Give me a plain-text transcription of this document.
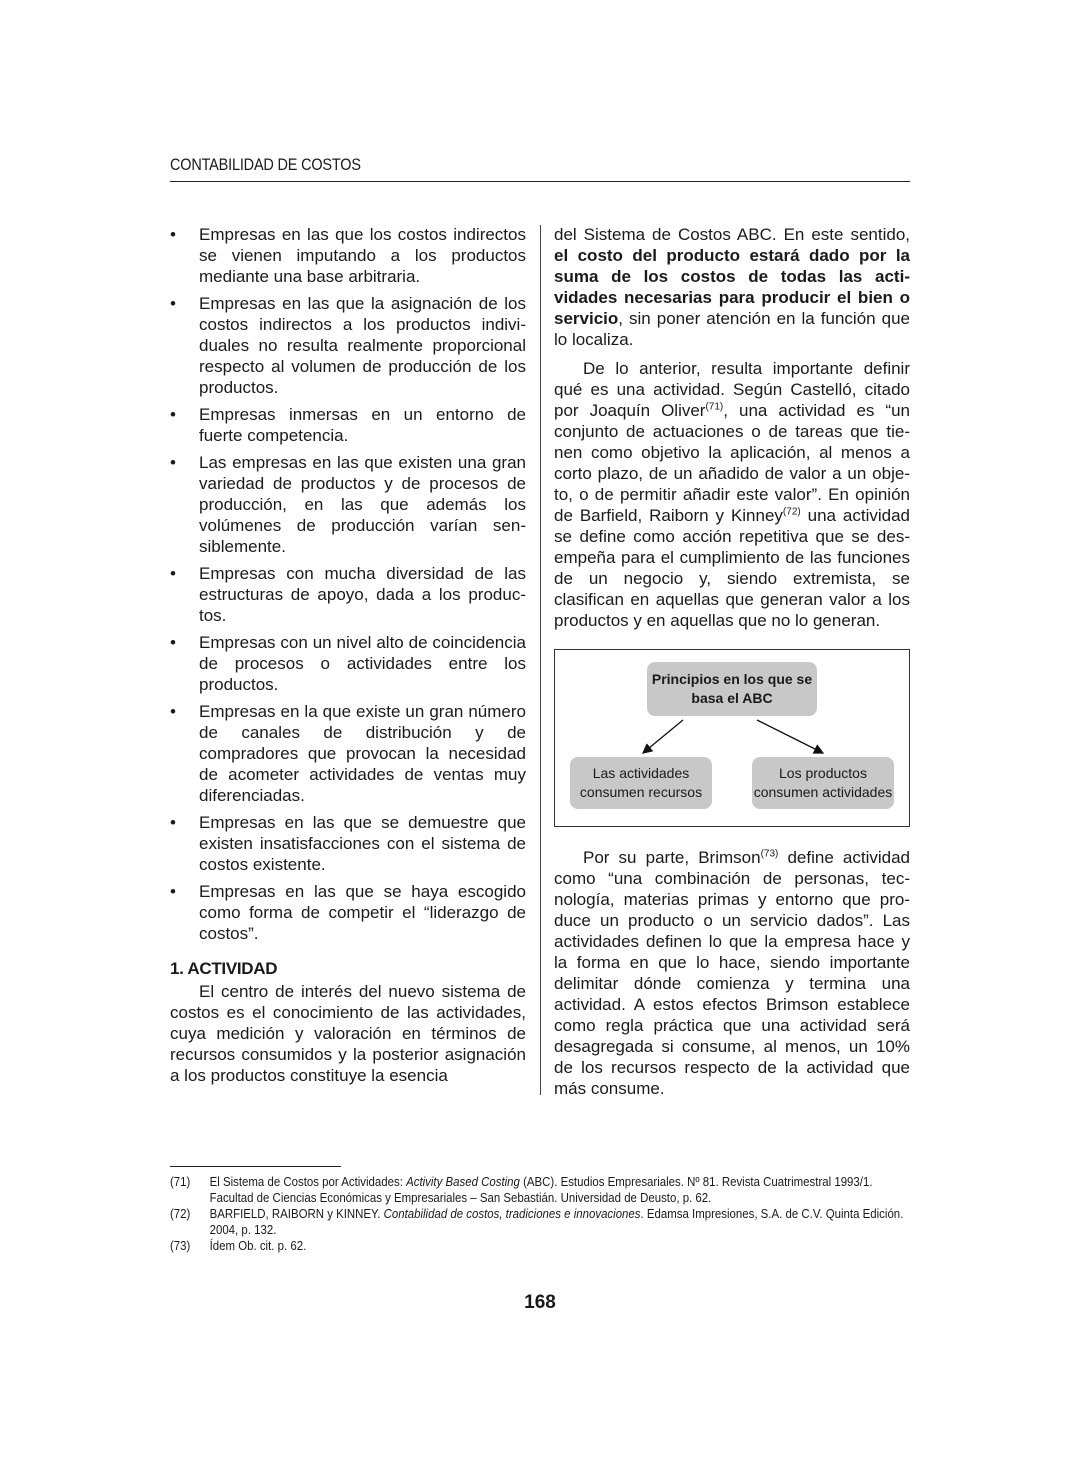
CONTABILIDAD DE COSTOS
• Empresas en las que los costos indirectos se vienen imputando a los productos mediante una base arbitraria.
• Empresas en las que la asignación de los costos indirectos a los productos individuales no resulta realmente proporcional respecto al volumen de producción de los productos.
• Empresas inmersas en un entorno de fuerte competencia.
• Las empresas en las que existen una gran variedad de productos y de procesos de producción, en las que además los volúmenes de producción varían sensiblemente.
• Empresas con mucha diversidad de las estructuras de apoyo, dada a los productos.
• Empresas con un nivel alto de coincidencia de procesos o actividades entre los productos.
• Empresas en la que existe un gran número de canales de distribución y de compradores que provocan la necesidad de acometer actividades de ventas muy diferenciadas.
• Empresas en las que se demuestre que existen insatisfacciones con el sistema de costos existente.
• Empresas en las que se haya escogido como forma de competir el “liderazgo de costos”.
1. ACTIVIDAD

El centro de interés del nuevo sistema de costos es el conocimiento de las actividades, cuya medición y valoración en términos de recursos consumidos y la posterior asignación a los productos constituye la esencia

del Sistema de Costos ABC. En este sentido, el costo del producto estará dado por la suma de los costos de todas las actividades necesarias para producir el bien o servicio, sin poner atención en la función que lo localiza.

De lo anterior, resulta importante definir qué es una actividad. Según Castelló, citado por Joaquín Oliver$^{(71)}$, una actividad es “un conjunto de actuaciones o de tareas que tienen como objetivo la aplicación, al menos a corto plazo, de un añadido de valor a un objeto, o de permitir añadir este valor”. En opinión de Barfield, Raiborn y Kinney$^{(72)}$ una actividad se define como acción repetitiva que se desempeña para el cumplimiento de las funciones de un negocio y, siendo extremista, se clasifican en aquellas que generan valor a los productos y en aquellas que no lo generan.

Principios en los que se basa el ABC
Las actividades consumen recursos
Los productos consumen actividades

Por su parte, Brimson$^{(73)}$ define actividad como “una combinación de personas, tecnología, materias primas y entorno que produce un producto o un servicio dados”. Las actividades definen lo que la empresa hace y la forma en que lo hace, siendo importante delimitar dónde comienza y termina una actividad. A estos efectos Brimson establece como regla práctica que una actividad será desagregada si consume, al menos, un 10% de los recursos respecto de la actividad que más consume.

(71) El Sistema de Costos por Actividades: Activity Based Costing (ABC). Estudios Empresariales. Nº 81. Revista Cuatrimestral 1993/1. Facultad de Ciencias Económicas y Empresariales – San Sebastián. Universidad de Deusto, p. 62.
(72) BARFIELD, RAIBORN y KINNEY. Contabilidad de costos, tradiciones e innovaciones. Edamsa Impresiones, S.A. de C.V. Quinta Edición. 2004, p. 132.
(73) Ídem Ob. cit. p. 62.
168
